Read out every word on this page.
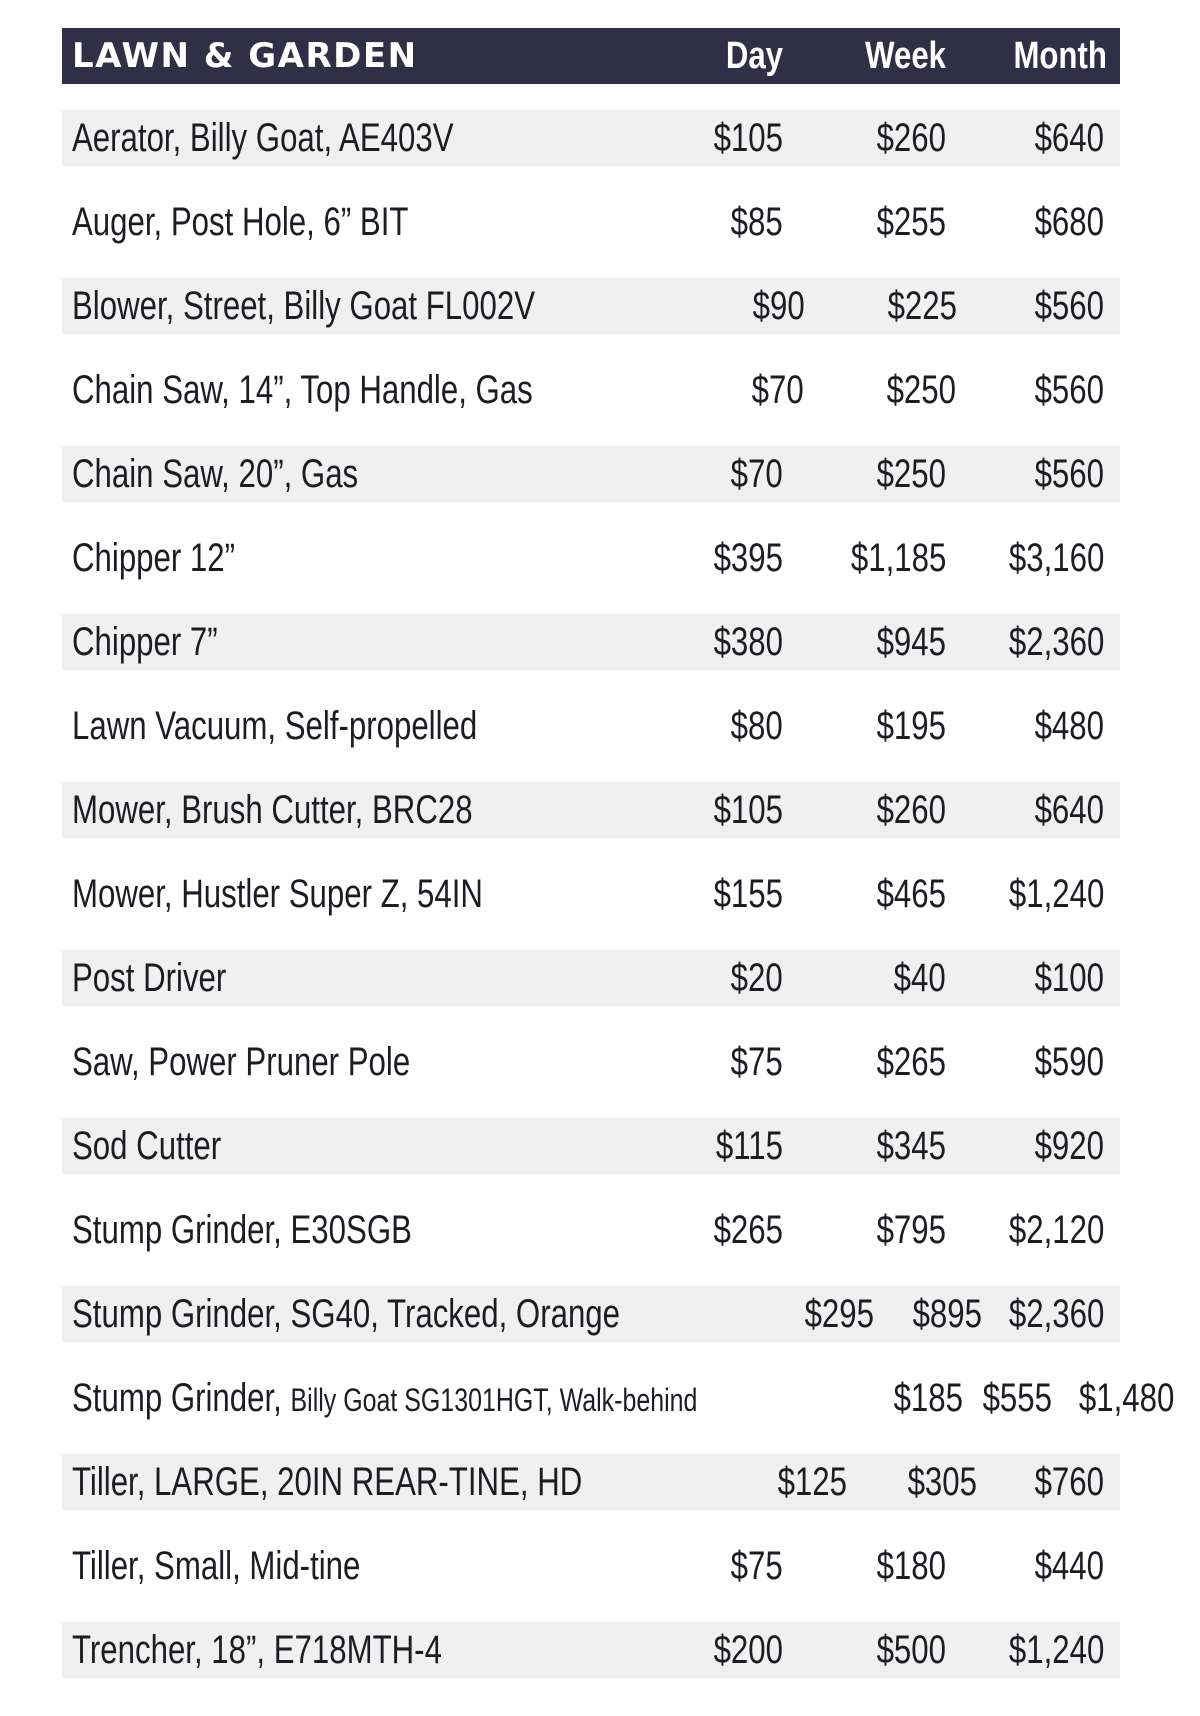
LAWN & GARDEN	Day	Week	Month
Aerator, Billy Goat, AE403V	$105	$260	$640
Auger, Post Hole, 6” BIT	$85	$255	$680
Blower, Street, Billy Goat FL002V	$90	$225	$560
Chain Saw, 14”, Top Handle, Gas	$70	$250	$560
Chain Saw, 20”, Gas	$70	$250	$560
Chipper 12”	$395	$1,185	$3,160
Chipper 7”	$380	$945	$2,360
Lawn Vacuum, Self-propelled	$80	$195	$480
Mower, Brush Cutter, BRC28	$105	$260	$640
Mower, Hustler Super Z, 54IN	$155	$465	$1,240
Post Driver	$20	$40	$100
Saw, Power Pruner Pole	$75	$265	$590
Sod Cutter	$115	$345	$920
Stump Grinder, E30SGB	$265	$795	$2,120
Stump Grinder, SG40, Tracked, Orange	$295 $895 $2,360
Stump Grinder, Billy Goat SG1301HGT, Walk-behind	$185 $555 $1,480
Tiller, LARGE, 20IN REAR-TINE, HD	$125	$305	$760
Tiller, Small, Mid-tine	$75	$180	$440
Trencher, 18”, E718MTH-4	$200	$500	$1,240
